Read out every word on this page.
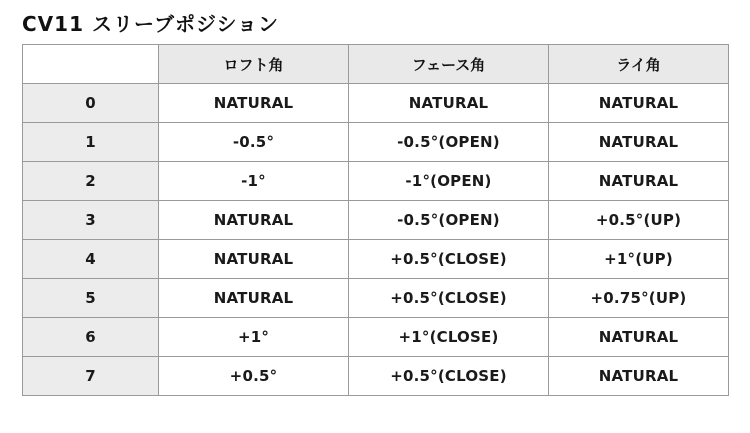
CV11 スリーブポジション
	ロフト角	フェース角	ライ角
0	NATURAL	NATURAL	NATURAL
1	-0.5°	-0.5°(OPEN)	NATURAL
2	-1°	-1°(OPEN)	NATURAL
3	NATURAL	-0.5°(OPEN)	+0.5°(UP)
4	NATURAL	+0.5°(CLOSE)	+1°(UP)
5	NATURAL	+0.5°(CLOSE)	+0.75°(UP)
6	+1°	+1°(CLOSE)	NATURAL
7	+0.5°	+0.5°(CLOSE)	NATURAL
